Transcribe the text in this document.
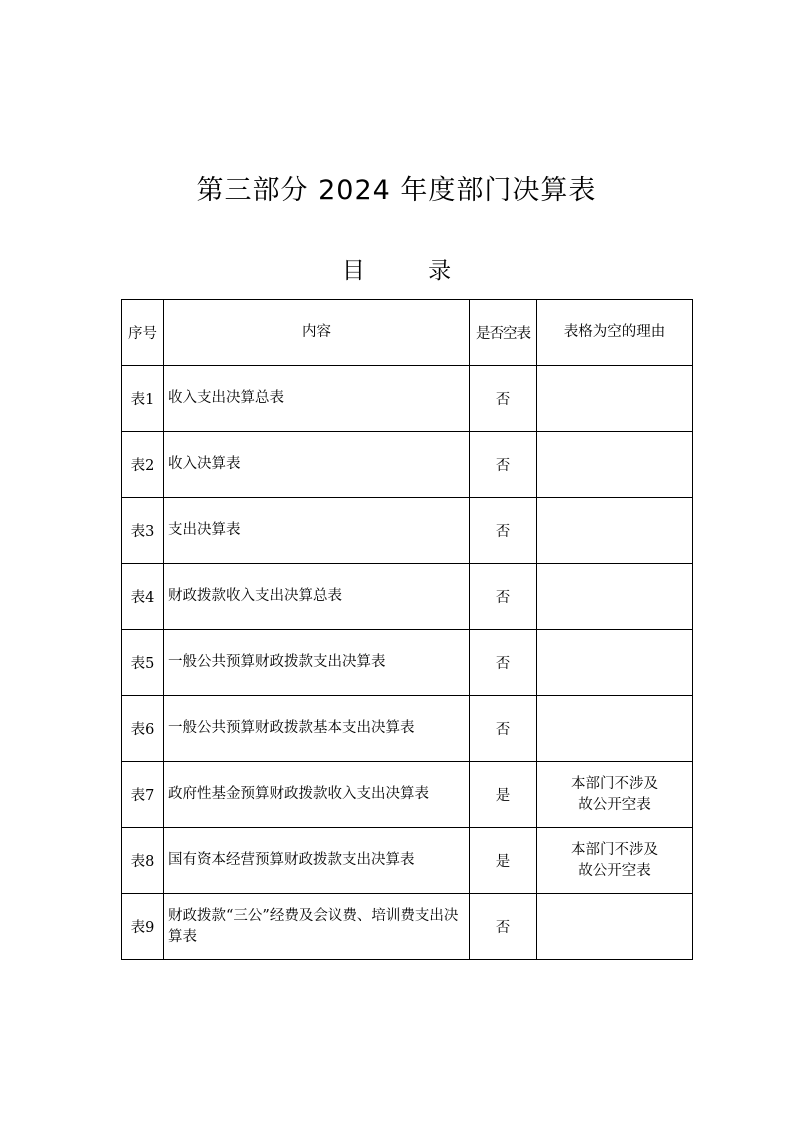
第三部分 2024 年度部门决算表
目 录
序号	内容	是否空表	表格为空的理由
表1	收入支出决算总表	否	
表2	收入决算表	否	
表3	支出决算表	否	
表4	财政拨款收入支出决算总表	否	
表5	一般公共预算财政拨款支出决算表	否	
表6	一般公共预算财政拨款基本支出决算表	否	
表7	政府性基金预算财政拨款收入支出决算表	是	本部门不涉及故公开空表
表8	国有资本经营预算财政拨款支出决算表	是	本部门不涉及故公开空表
表9	财政拨款“三公”经费及会议费、培训费支出决算表	否	
